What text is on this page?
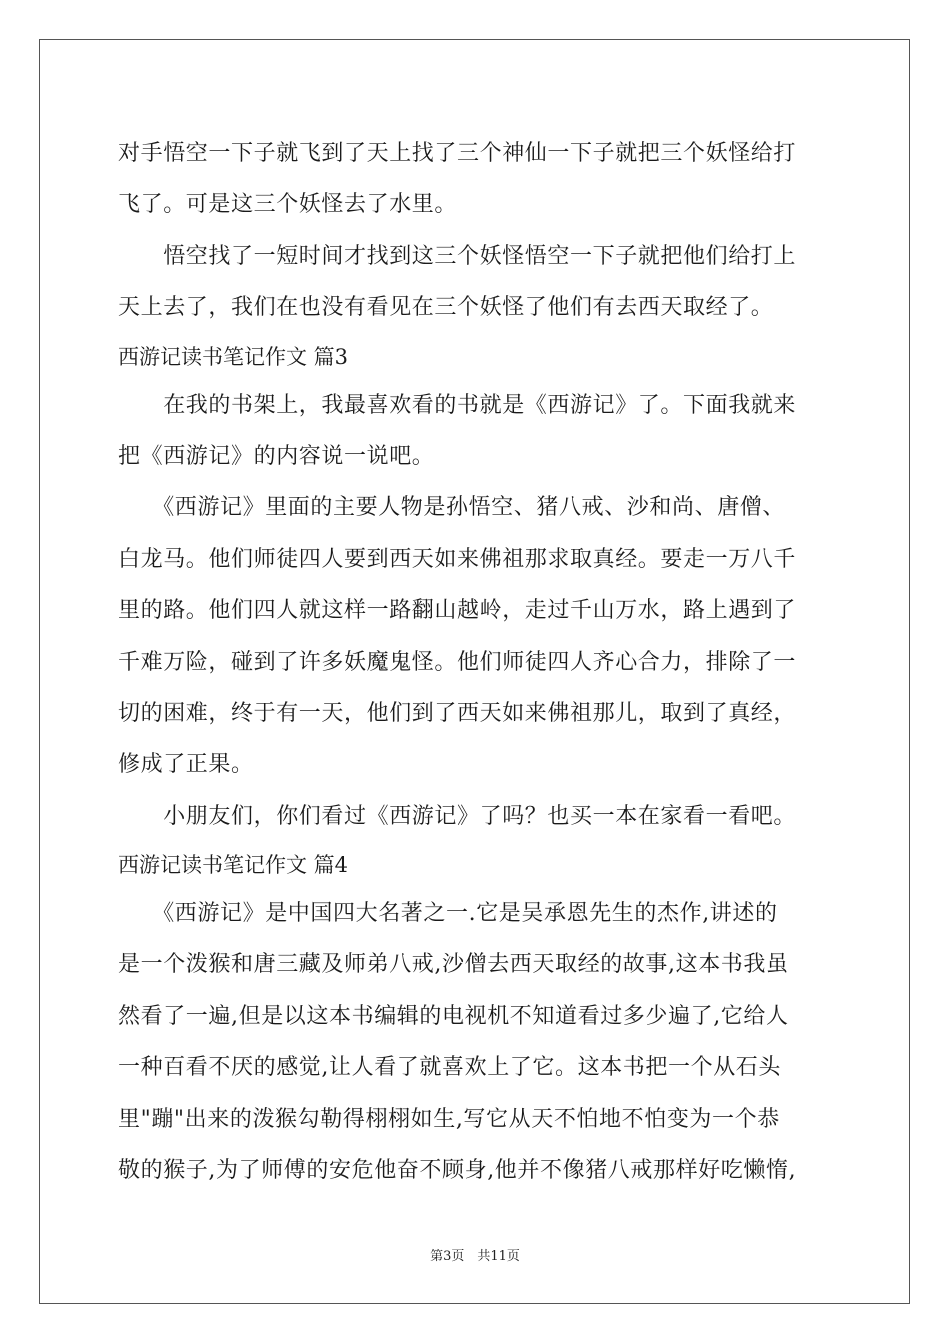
对手悟空一下子就飞到了天上找了三个神仙一下子就把三个妖怪给打
飞了。可是这三个妖怪去了水里。
　　悟空找了一短时间才找到这三个妖怪悟空一下子就把他们给打上
天上去了，我们在也没有看见在三个妖怪了他们有去西天取经了。
西游记读书笔记作文 篇3
　　在我的书架上，我最喜欢看的书就是《西游记》了。下面我就来
把《西游记》的内容说一说吧。
　　《西游记》里面的主要人物是孙悟空、猪八戒、沙和尚、唐僧、
白龙马。他们师徒四人要到西天如来佛祖那求取真经。要走一万八千
里的路。他们四人就这样一路翻山越岭，走过千山万水，路上遇到了
千难万险，碰到了许多妖魔鬼怪。他们师徒四人齐心合力，排除了一
切的困难，终于有一天，他们到了西天如来佛祖那儿，取到了真经，
修成了正果。
　　小朋友们，你们看过《西游记》了吗？也买一本在家看一看吧。
西游记读书笔记作文 篇4
　　《西游记》是中国四大名著之一.它是吴承恩先生的杰作,讲述的
是一个泼猴和唐三藏及师弟八戒,沙僧去西天取经的故事,这本书我虽
然看了一遍,但是以这本书编辑的电视机不知道看过多少遍了,它给人
一种百看不厌的感觉,让人看了就喜欢上了它。这本书把一个从石头
里"蹦"出来的泼猴勾勒得栩栩如生,写它从天不怕地不怕变为一个恭
敬的猴子,为了师傅的安危他奋不顾身,他并不像猪八戒那样好吃懒惰,
第3页　共11页
